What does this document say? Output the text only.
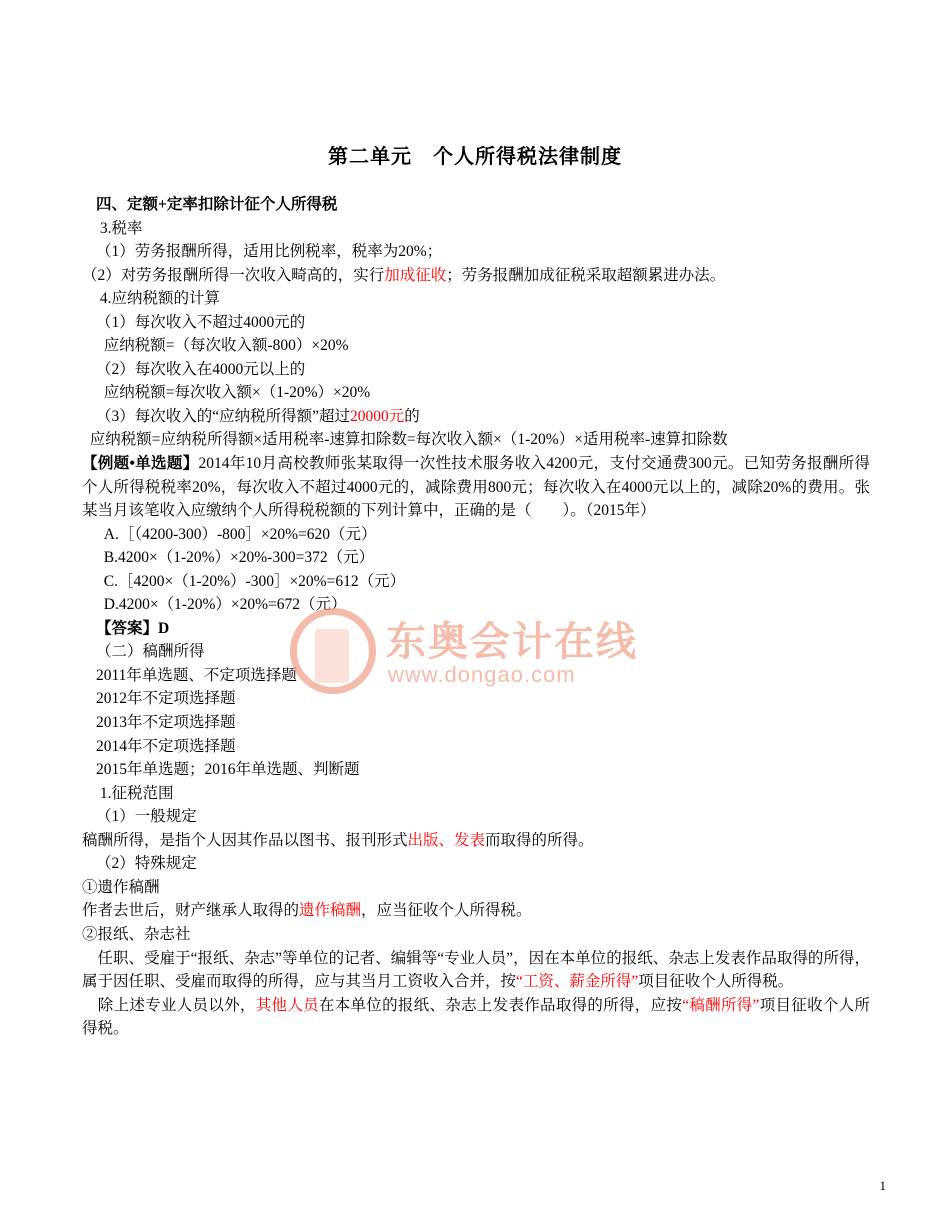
第二单元　个人所得税法律制度
四、定额+定率扣除计征个人所得税
3.税率
（1）劳务报酬所得，适用比例税率，税率为20%；
（2）对劳务报酬所得一次收入畸高的，实行加成征收；劳务报酬加成征税采取超额累进办法。
4.应纳税额的计算
（1）每次收入不超过4000元的
应纳税额=（每次收入额-800）×20%
（2）每次收入在4000元以上的
应纳税额=每次收入额×（1-20%）×20%
（3）每次收入的“应纳税所得额”超过20000元的
应纳税额=应纳税所得额×适用税率-速算扣除数=每次收入额×（1-20%）×适用税率-速算扣除数
【例题•单选题】2014年10月高校教师张某取得一次性技术服务收入4200元，支付交通费300元。已知劳务报酬所得个人所得税税率20%，每次收入不超过4000元的，减除费用800元；每次收入在4000元以上的，减除20%的费用。张某当月该笔收入应缴纳个人所得税税额的下列计算中，正确的是（　　）。（2015年）
A.［（4200-300）-800］×20%=620（元）
B.4200×（1-20%）×20%-300=372（元）
C.［4200×（1-20%）-300］×20%=612（元）
D.4200×（1-20%）×20%=672（元）
【答案】D
（二）稿酬所得
2011年单选题、不定项选择题
2012年不定项选择题
2013年不定项选择题
2014年不定项选择题
2015年单选题；2016年单选题、判断题
1.征税范围
（1）一般规定
稿酬所得，是指个人因其作品以图书、报刊形式出版、发表而取得的所得。
（2）特殊规定
①遗作稿酬
作者去世后，财产继承人取得的遗作稿酬，应当征收个人所得税。
②报纸、杂志社
　任职、受雇于“报纸、杂志”等单位的记者、编辑等“专业人员”，因在本单位的报纸、杂志上发表作品取得的所得，属于因任职、受雇而取得的所得，应与其当月工资收入合并，按“工资、薪金所得”项目征收个人所得税。
　除上述专业人员以外，其他人员在本单位的报纸、杂志上发表作品取得的所得，应按“稿酬所得”项目征收个人所得税。
东奥会计在线
www.dongao.com
1
